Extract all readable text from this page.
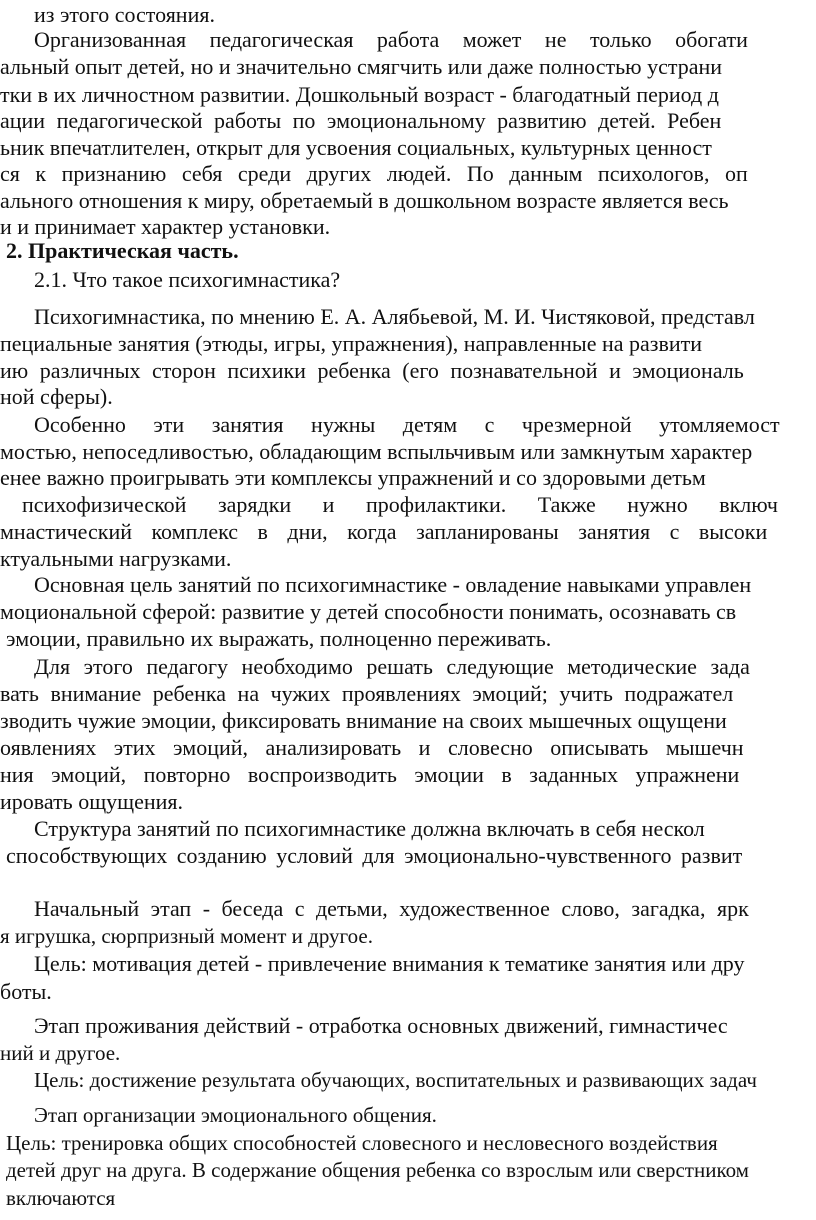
из этого состояния.
Организованная педагогическая работа может не только обогати
альный опыт детей, но и значительно смягчить или даже полностью устрани
тки в их личностном развитии. Дошкольный возраст - благодатный период д
ации педагогической работы по эмоциональному развитию детей. Ребен
ьник впечатлителен, открыт для усвоения социальных, культурных ценност
ся к признанию себя среди других людей. По данным психологов, оп
ального отношения к миру, обретаемый в дошкольном возрасте является весь
и и принимает характер установки.
2. Практическая часть.
2.1. Что такое психогимнастика?
Психогимнастика, по мнению Е. А. Алябьевой, М. И. Чистяковой, представл
пециальные занятия (этюды, игры, упражнения), направленные на развити
ию различных сторон психики ребенка (его познавательной и эмоциональ
ной сферы).
Особенно эти занятия нужны детям с чрезмерной утомляемост
мостью, непоседливостью, обладающим вспыльчивым или замкнутым характер
енее важно проигрывать эти комплексы упражнений и со здоровыми детьм
психофизической зарядки и профилактики. Также нужно включ
мнастический комплекс в дни, когда запланированы занятия с высоки
ктуальными нагрузками.
Основная цель занятий по психогимнастике - овладение навыками управлен
моциональной сферой: развитие у детей способности понимать, осознавать св
эмоции, правильно их выражать, полноценно переживать.
Для этого педагогу необходимо решать следующие методические зада
вать внимание ребенка на чужих проявлениях эмоций; учить подражател
зводить чужие эмоции, фиксировать внимание на своих мышечных ощущени
оявлениях этих эмоций, анализировать и словесно описывать мышечн
ния эмоций, повторно воспроизводить эмоции в заданных упражнени
ировать ощущения.
Структура занятий по психогимнастике должна включать в себя нескол
способствующих созданию условий для эмоционально-чувственного развит
Начальный этап - беседа с детьми, художественное слово, загадка, ярк
я игрушка, сюрпризный момент и другое.
Цель: мотивация детей - привлечение внимания к тематике занятия или дру
боты.
Этап проживания действий - отработка основных движений, гимнастичес
ний и другое.
Цель: достижение результата обучающих, воспитательных и развивающих задач
Этап организации эмоционального общения.
Цель: тренировка общих способностей словесного и несловесного воздействия
детей друг на друга. В содержание общения ребенка со взрослым или сверстником
включаются
